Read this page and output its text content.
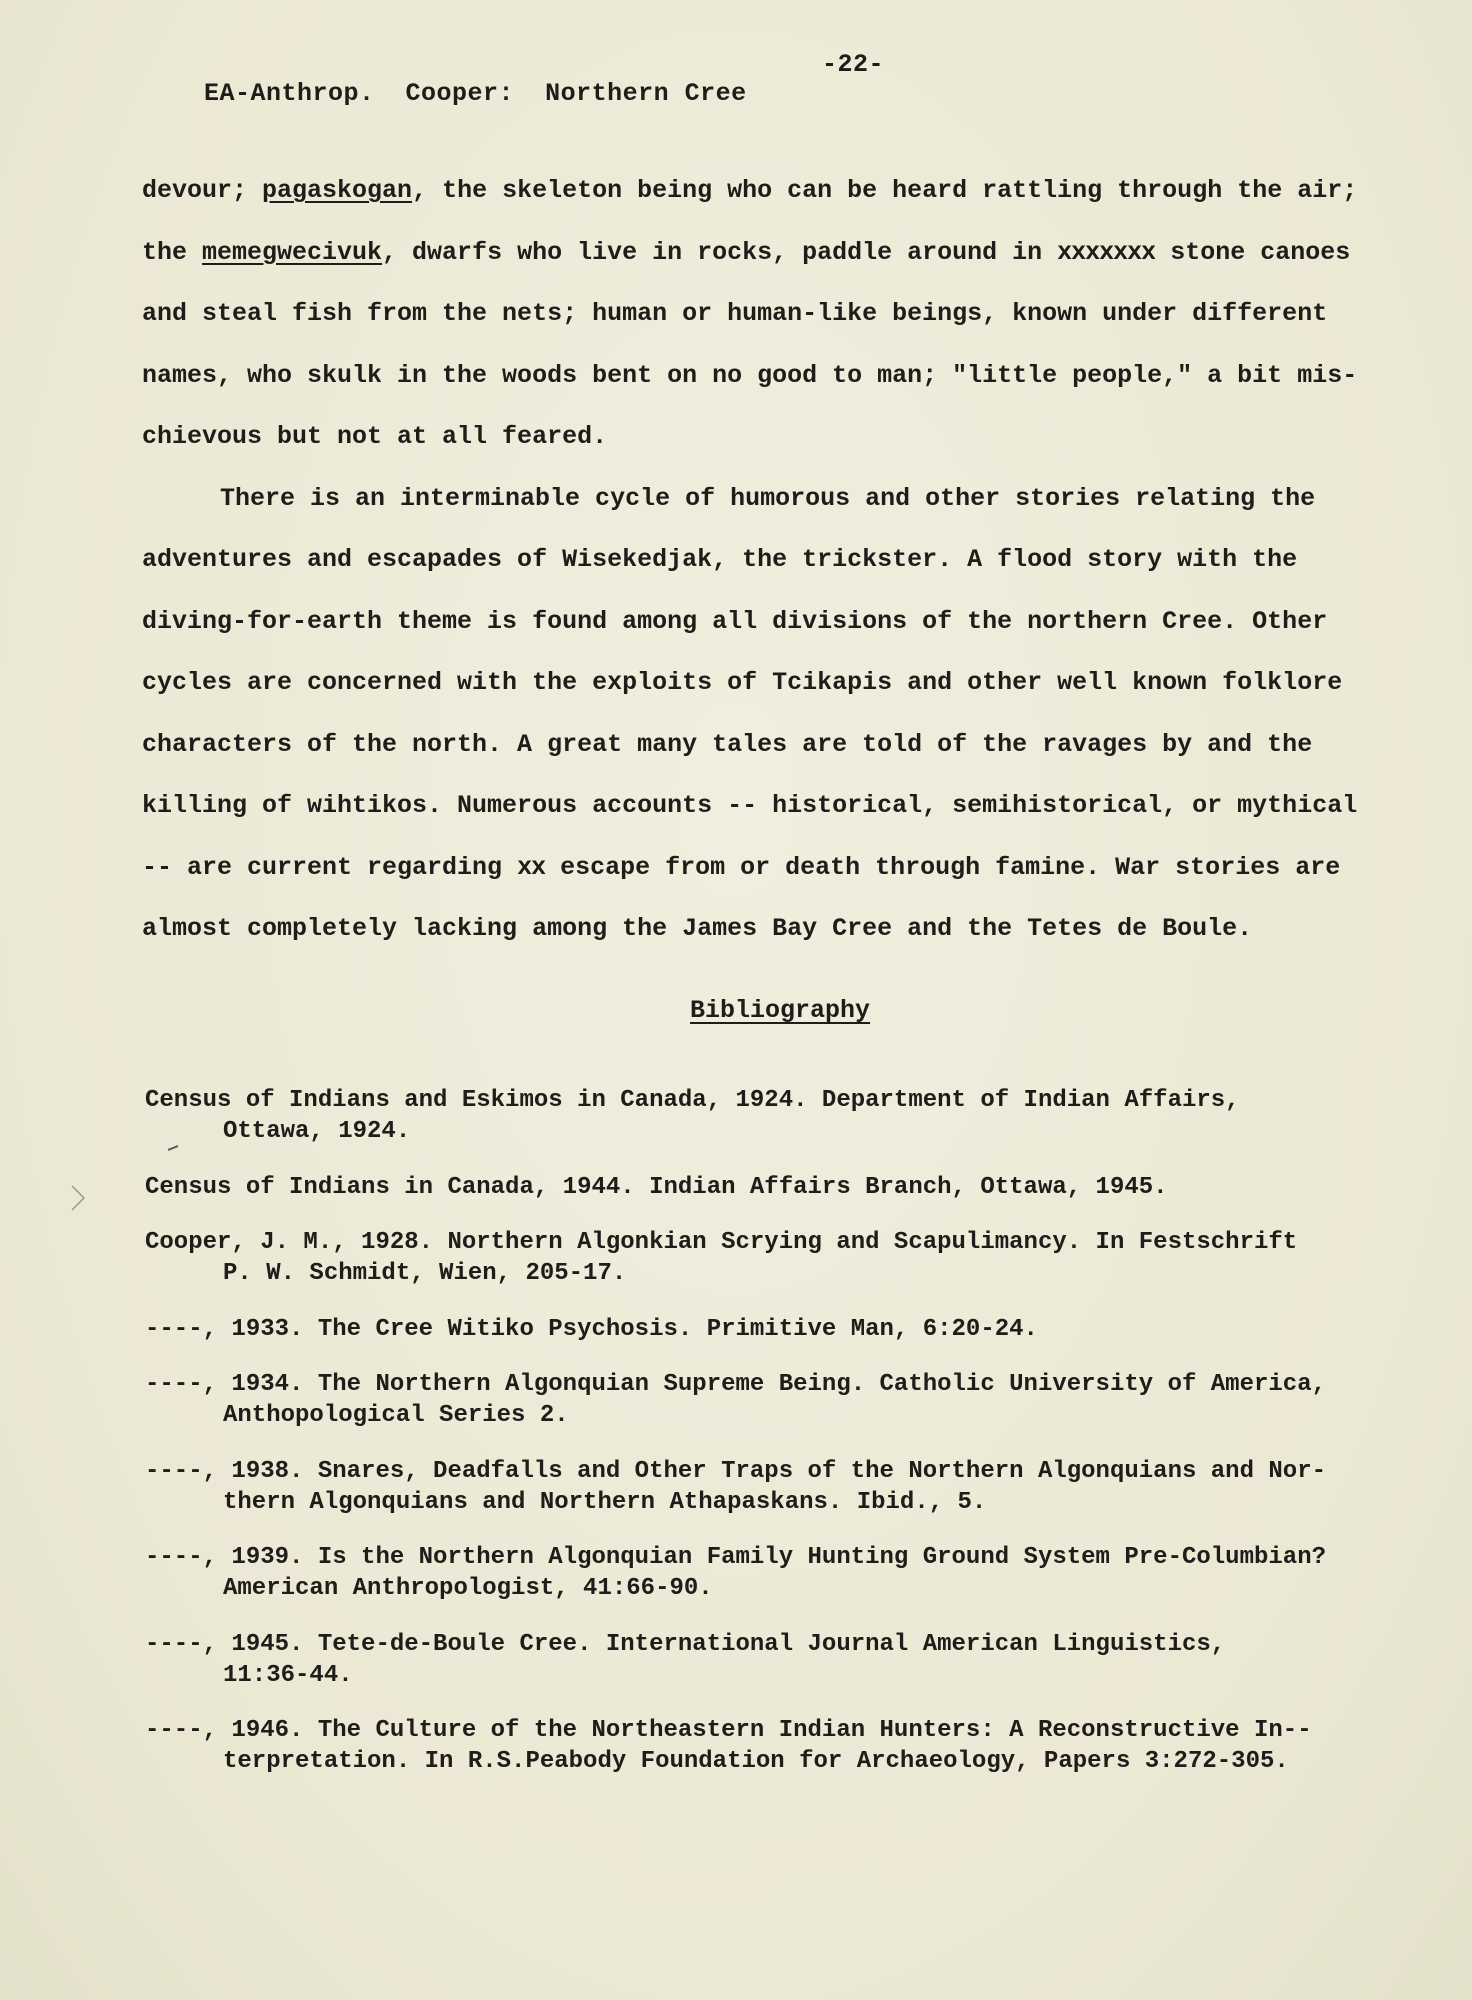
EA-Anthrop.  Cooper:  Northern Cree

-22-

devour; pagaskogan, the skeleton being who can be heard rattling through the air;
the memegwecivuk, dwarfs who live in rocks, paddle around in xxxxxxx stone canoes
and steal fish from the nets; human or human-like beings, known under different
names, who skulk in the woods bent on no good to man; "little people," a bit mis-
chievous but not at all feared.
There is an interminable cycle of humorous and other stories relating the
adventures and escapades of Wisekedjak, the trickster. A flood story with the
diving-for-earth theme is found among all divisions of the northern Cree. Other
cycles are concerned with the exploits of Tcikapis and other well known folklore
characters of the north. A great many tales are told of the ravages by and the
killing of wihtikos. Numerous accounts -- historical, semihistorical, or mythical
-- are current regarding xx escape from or death through famine. War stories are
almost completely lacking among the James Bay Cree and the Tetes de Boule.
Bibliography
Census of Indians and Eskimos in Canada, 1924. Department of Indian Affairs,
Ottawa, 1924.
Census of Indians in Canada, 1944. Indian Affairs Branch, Ottawa, 1945.
Cooper, J. M., 1928. Northern Algonkian Scrying and Scapulimancy. In Festschrift
P. W. Schmidt, Wien, 205-17.
----, 1933. The Cree Witiko Psychosis. Primitive Man, 6:20-24.
----, 1934. The Northern Algonquian Supreme Being. Catholic University of America,
Anthopological Series 2.
----, 1938. Snares, Deadfalls and Other Traps of the Northern Algonquians and Nor-
thern Algonquians and Northern Athapaskans. Ibid., 5.
----, 1939. Is the Northern Algonquian Family Hunting Ground System Pre-Columbian?
American Anthropologist, 41:66-90.
----, 1945. Tete-de-Boule Cree. International Journal American Linguistics,
11:36-44.
----, 1946. The Culture of the Northeastern Indian Hunters: A Reconstructive In--
terpretation. In R.S.Peabody Foundation for Archaeology, Papers 3:272-305.
